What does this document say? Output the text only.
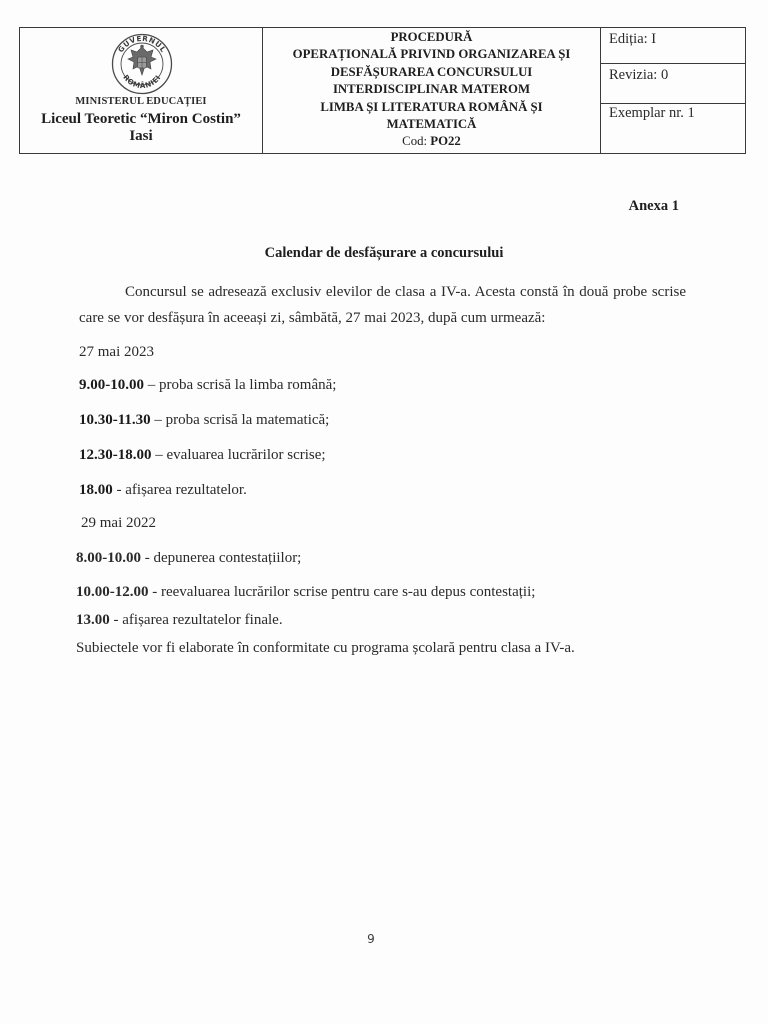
GUVERNUL
ROMÂNIEI
MINISTERUL EDUCAȚIEI
Liceul Teoretic “Miron Costin”
Iasi
PROCEDURĂ
OPERAȚIONALĂ PRIVIND ORGANIZAREA ȘI
DESFĂȘURAREA CONCURSULUI
INTERDISCIPLINAR MATEROM
LIMBA ȘI LITERATURA ROMÂNĂ ȘI
MATEMATICĂ
Cod: PO22
Ediția: I
Revizia: 0
Exemplar nr. 1
Anexa 1
Calendar de desfășurare a concursului
Concursul se adresează exclusiv elevilor de clasa a IV-a. Acesta constă în două probe scrise care se vor desfășura în aceeași zi, sâmbătă, 27 mai 2023, după cum urmează:
27 mai 2023
9.00-10.00 – proba scrisă la limba română;
10.30-11.30 – proba scrisă la matematică;
12.30-18.00 – evaluarea lucrărilor scrise;
18.00 - afișarea rezultatelor.
29 mai 2022
8.00-10.00 - depunerea contestațiilor;
10.00-12.00 - reevaluarea lucrărilor scrise pentru care s-au depus contestații;
13.00 - afișarea rezultatelor finale.
Subiectele vor fi elaborate în conformitate cu programa școlară pentru clasa a IV-a.
9
